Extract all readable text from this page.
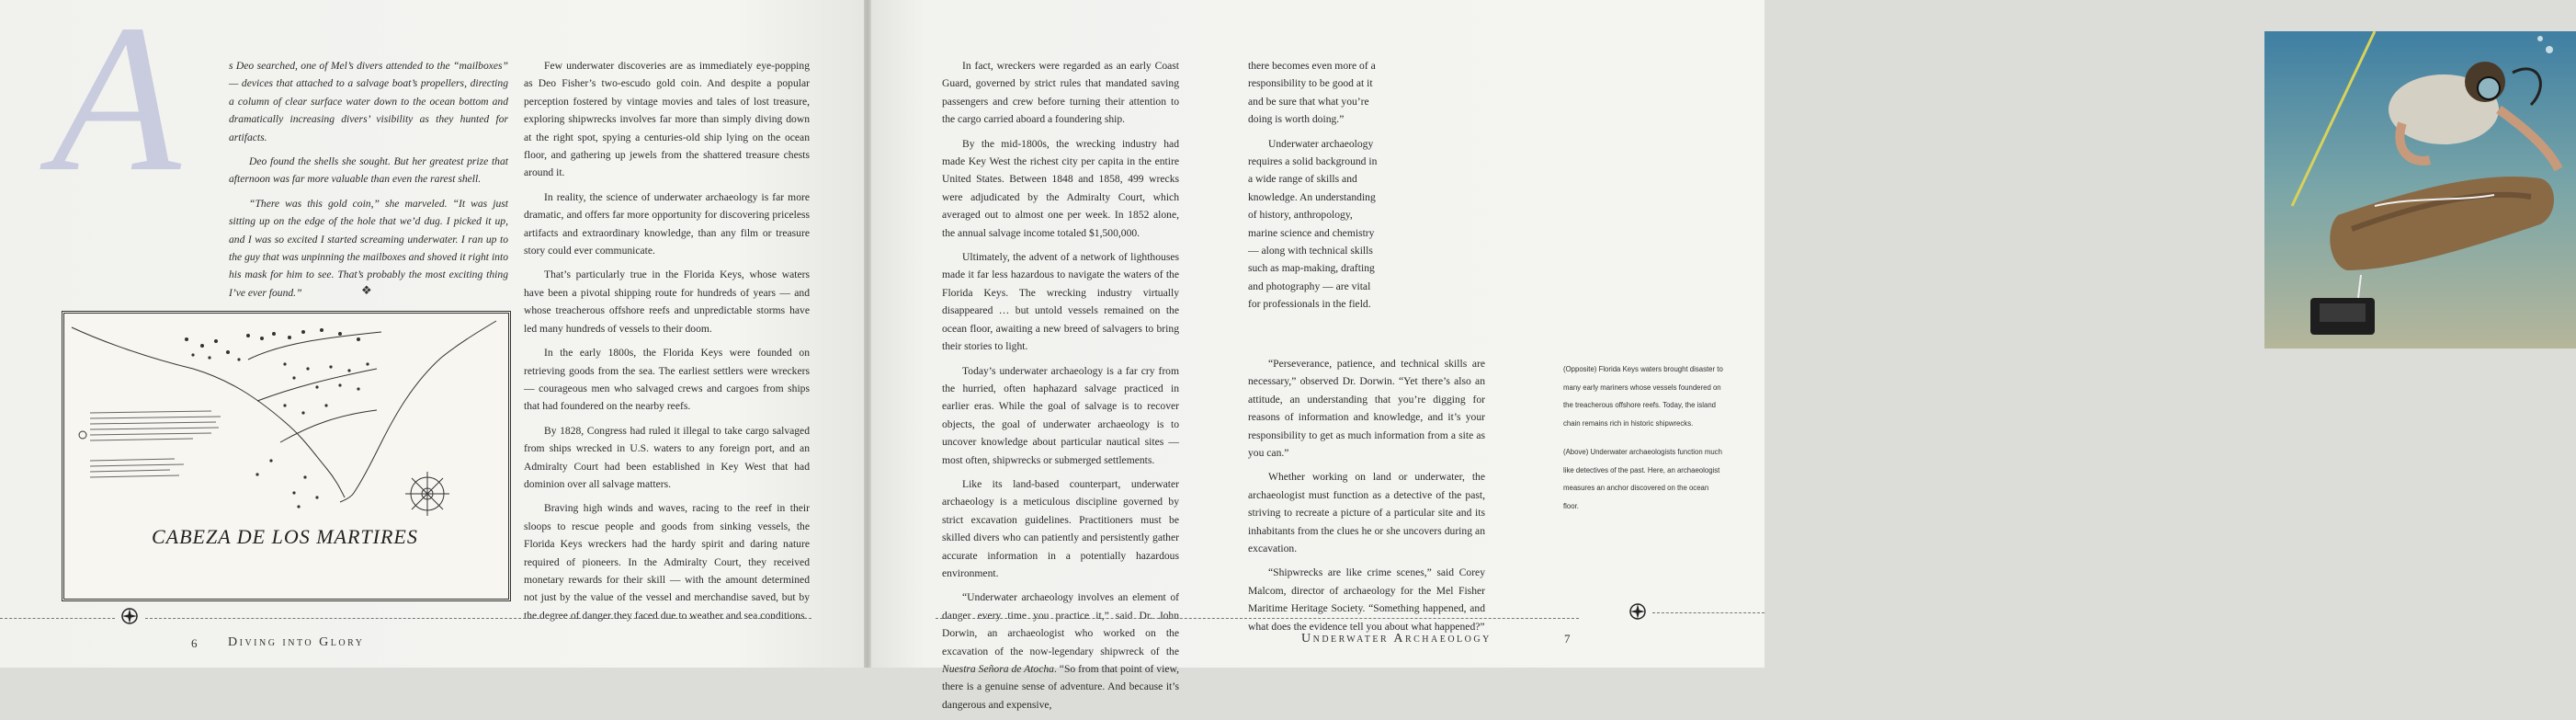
A	s Deo searched, one of Mel’s divers attended to the “mailboxes” — devices that attached to a salvage boat’s propellers, directing a column of clear surface water down to the ocean bottom and dramatically increasing divers’ visibility as they hunted for artifacts.

Deo found the shells she sought. But her greatest prize that afternoon was far more valuable than even the rarest shell.

“There was this gold coin,” she marveled. “It was just sitting up on the edge of the hole that we’d dug. I picked it up, and I was so excited I started screaming underwater. I ran up to the guy that was unpinning the mailboxes and shoved it right into his mask for him to see. That’s probably the most exciting thing I’ve ever found.”	❖
CABEZA DE LOS MARTIRES

Few underwater discoveries are as immediately eye-popping as Deo Fisher’s two-escudo gold coin. And despite a popular perception fostered by vintage movies and tales of lost treasure, exploring shipwrecks involves far more than simply diving down at the right spot, spying a centuries-old ship lying on the ocean floor, and gathering up jewels from the shattered treasure chests around it.

In reality, the science of underwater archaeology is far more dramatic, and offers far more opportunity for discovering priceless artifacts and extraordinary knowledge, than any film or treasure story could ever communicate.

That’s particularly true in the Florida Keys, whose waters have been a pivotal shipping route for hundreds of years — and whose treacherous offshore reefs and unpredictable storms have led many hundreds of vessels to their doom.

In the early 1800s, the Florida Keys were founded on retrieving goods from the sea. The earliest settlers were wreckers — courageous men who salvaged crews and cargoes from ships that had foundered on the nearby reefs.

By 1828, Congress had ruled it illegal to take cargo salvaged from ships wrecked in U.S. waters to any foreign port, and an Admiralty Court had been established in Key West that had dominion over all salvage matters.

Braving high winds and waves, racing to the reef in their sloops to rescue people and goods from sinking vessels, the Florida Keys wreckers had the hardy spirit and daring nature required of pioneers. In the Admiralty Court, they received monetary rewards for their skill — with the amount determined not just by the value of the vessel and merchandise saved, but by the degree of danger they faced due to weather and sea conditions.

6 Diving into Glory

In fact, wreckers were regarded as an early Coast Guard, governed by strict rules that mandated saving passengers and crew before turning their attention to the cargo carried aboard a foundering ship.

By the mid-1800s, the wrecking industry had made Key West the richest city per capita in the entire United States. Between 1848 and 1858, 499 wrecks were adjudicated by the Admiralty Court, which averaged out to almost one per week. In 1852 alone, the annual salvage income totaled $1,500,000.

Ultimately, the advent of a network of lighthouses made it far less hazardous to navigate the waters of the Florida Keys. The wrecking industry virtually disappeared … but untold vessels remained on the ocean floor, awaiting a new breed of salvagers to bring their stories to light.

Today’s underwater archaeology is a far cry from the hurried, often haphazard salvage practiced in earlier eras. While the goal of salvage is to recover objects, the goal of underwater archaeology is to uncover knowledge about particular nautical sites — most often, shipwrecks or submerged settlements.

Like its land-based counterpart, underwater archaeology is a meticulous discipline governed by strict excavation guidelines. Practitioners must be skilled divers who can patiently and persistently gather accurate information in a potentially hazardous environment.

“Underwater archaeology involves an element of danger every time you practice it,” said Dr. John Dorwin, an archaeologist who worked on the excavation of the now-legendary shipwreck of the Nuestra Señora de Atocha. “So from that point of view, there is a genuine sense of adventure. And because it’s dangerous and expensive,

there becomes even more of a responsibility to be good at it and be sure that what you’re doing is worth doing.”

Underwater archaeology requires a solid background in a wide range of skills and knowledge. An understanding of history, anthropology, marine science and chemistry — along with technical skills such as map-making, drafting and photography — are vital for professionals in the field.

“Perseverance, patience, and technical skills are necessary,” observed Dr. Dorwin. “Yet there’s also an attitude, an understanding that you’re digging for reasons of information and knowledge, and it’s your responsibility to get as much information from a site as you can.”

Whether working on land or underwater, the archaeologist must function as a detective of the past, striving to recreate a picture of a particular site and its inhabitants from the clues he or she uncovers during an excavation.

“Shipwrecks are like crime scenes,” said Corey Malcom, director of archaeology for the Mel Fisher Maritime Heritage Society. “Something happened, and what does the evidence tell you about what happened?”

(Opposite) Florida Keys waters brought disaster to many early mariners whose vessels foundered on the treacherous offshore reefs. Today, the island chain remains rich in historic shipwrecks.

(Above) Underwater archaeologists function much like detectives of the past. Here, an archaeologist measures an anchor discovered on the ocean floor.

Underwater Archaeology	7
